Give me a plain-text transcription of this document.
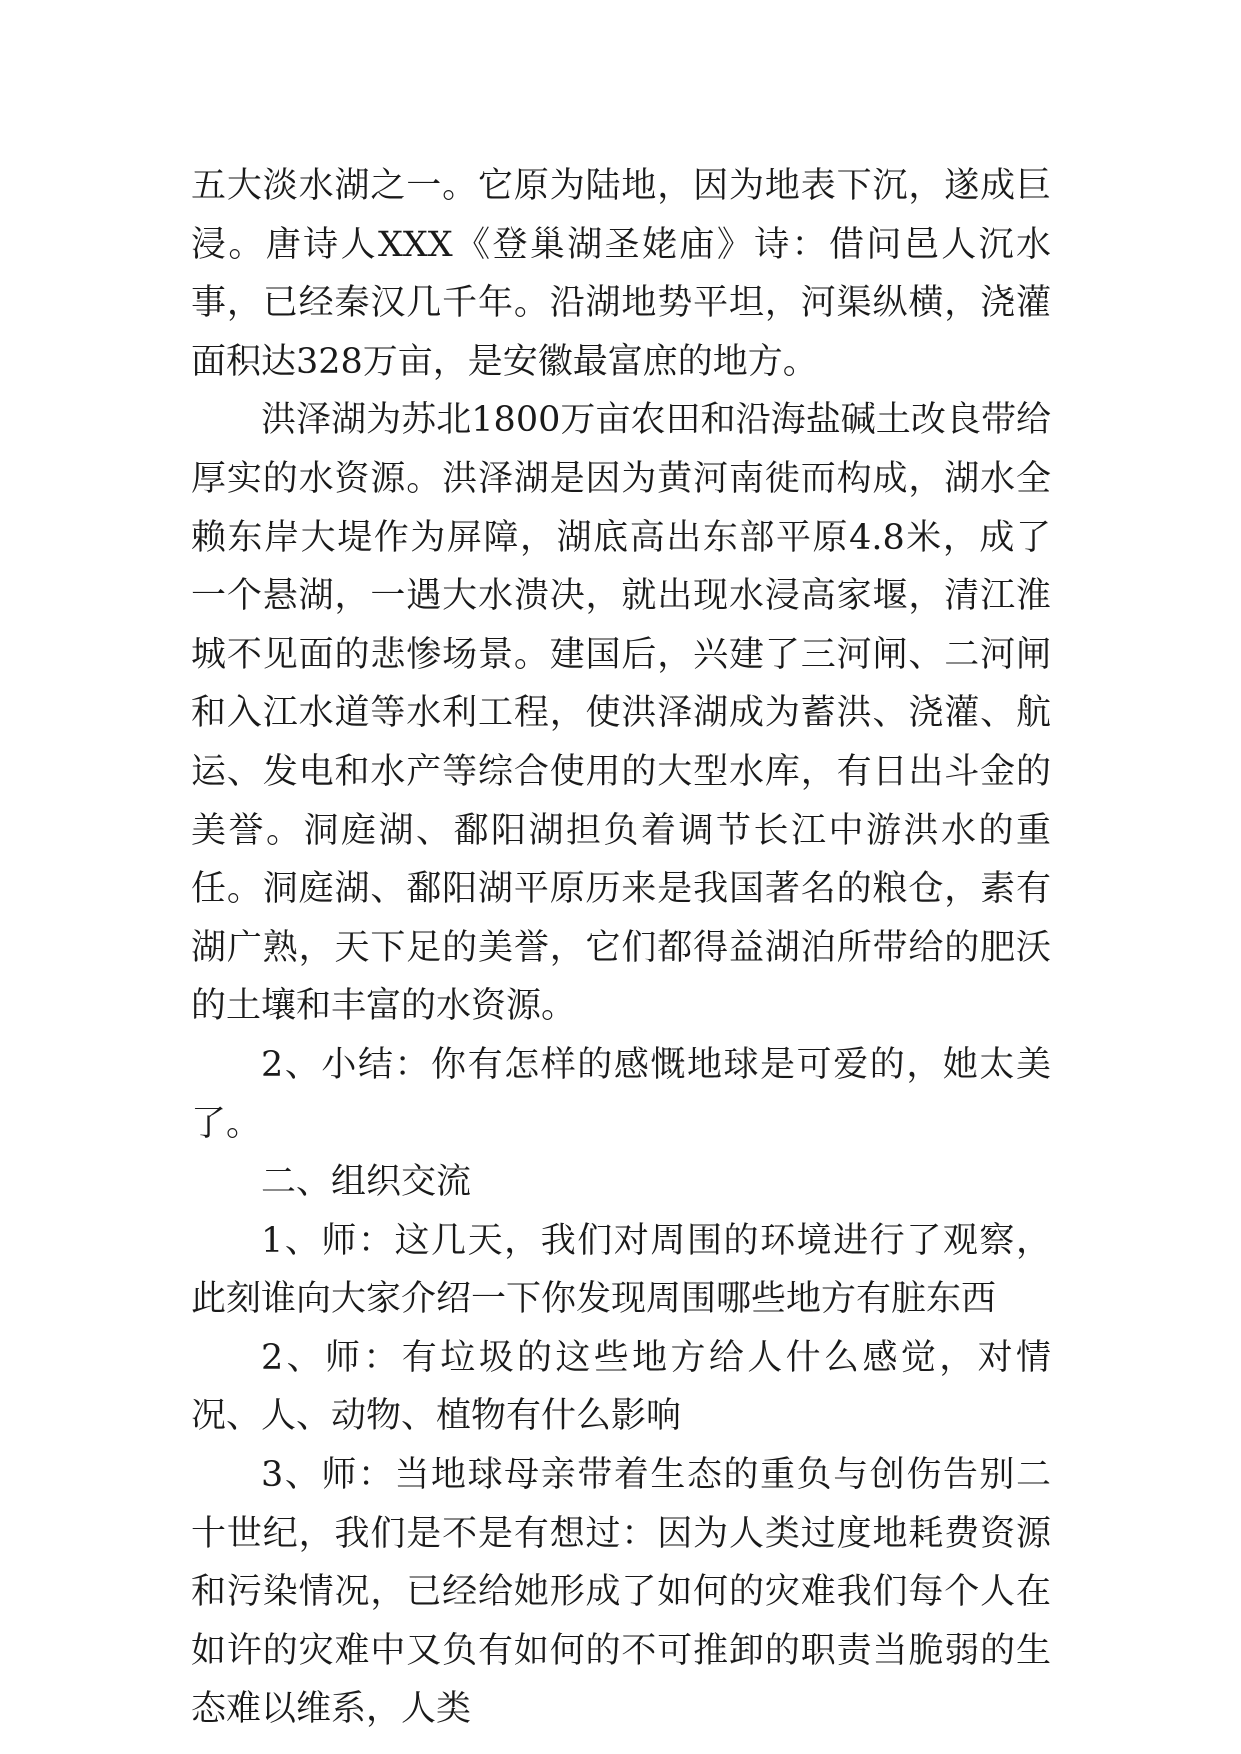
五大淡水湖之一。它原为陆地，因为地表下沉，遂成巨浸。唐诗人XXX《登巢湖圣姥庙》诗：借问邑人沉水事，已经秦汉几千年。沿湖地势平坦，河渠纵横，浇灌面积达328万亩，是安徽最富庶的地方。

洪泽湖为苏北1800万亩农田和沿海盐碱土改良带给厚实的水资源。洪泽湖是因为黄河南徙而构成，湖水全赖东岸大堤作为屏障，湖底高出东部平原4.8米，成了一个悬湖，一遇大水溃决，就出现水浸高家堰，清江淮城不见面的悲惨场景。建国后，兴建了三河闸、二河闸和入江水道等水利工程，使洪泽湖成为蓄洪、浇灌、航运、发电和水产等综合使用的大型水库，有日出斗金的美誉。洞庭湖、鄱阳湖担负着调节长江中游洪水的重任。洞庭湖、鄱阳湖平原历来是我国著名的粮仓，素有湖广熟，天下足的美誉，它们都得益湖泊所带给的肥沃的土壤和丰富的水资源。

2、小结：你有怎样的感慨地球是可爱的，她太美了。

二、组织交流

1、师：这几天，我们对周围的环境进行了观察，此刻谁向大家介绍一下你发现周围哪些地方有脏东西

2、师：有垃圾的这些地方给人什么感觉，对情况、人、动物、植物有什么影响

3、师：当地球母亲带着生态的重负与创伤告别二十世纪，我们是不是有想过：因为人类过度地耗费资源和污染情况，已经给她形成了如何的灾难我们每个人在如许的灾难中又负有如何的不可推卸的职责当脆弱的生态难以维系，人类
